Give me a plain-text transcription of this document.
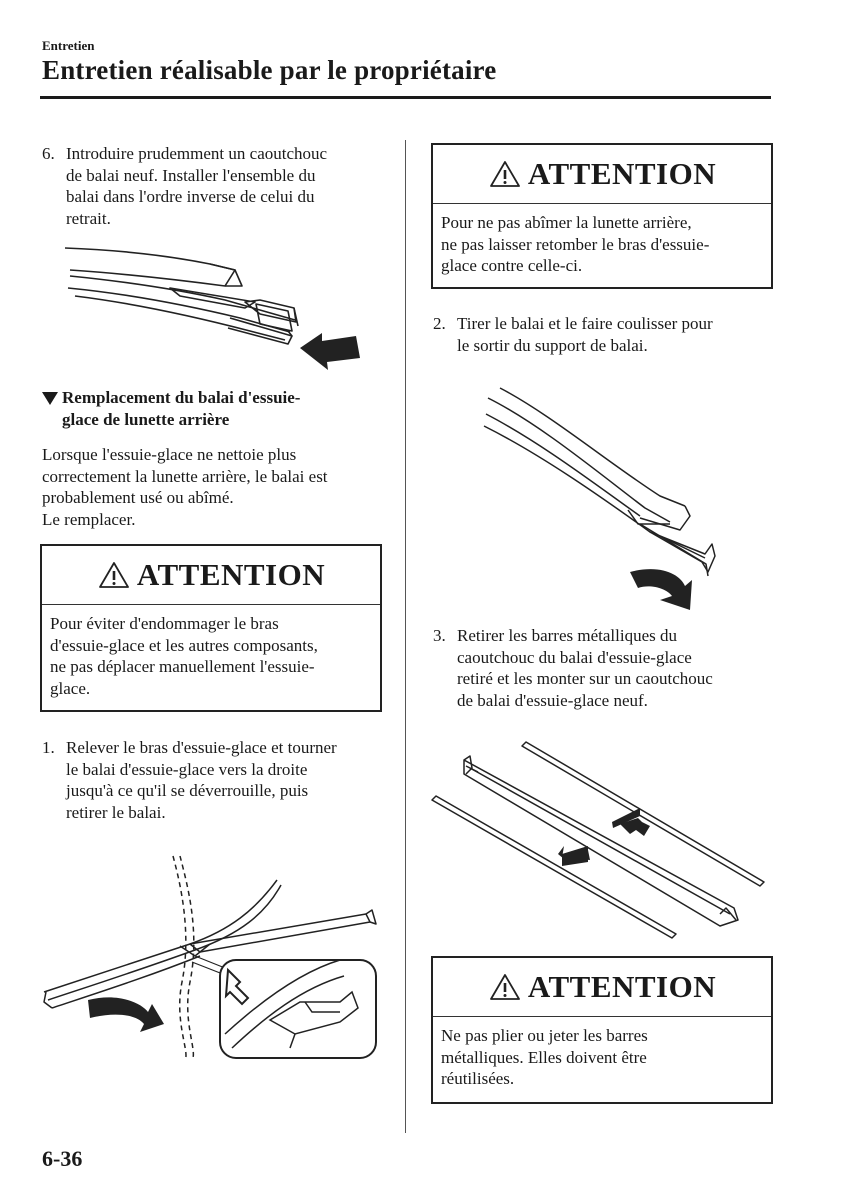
Entretien
Entretien réalisable par le propriétaire
6. Introduire prudemment un caoutchouc
de balai neuf. Installer l'ensemble du
balai dans l'ordre inverse de celui du
retrait.
Remplacement du balai d'essuie-
glace de lunette arrière
Lorsque l'essuie-glace ne nettoie plus
correctement la lunette arrière, le balai est
probablement usé ou abîmé.
Le remplacer.
ATTENTION
Pour éviter d'endommager le bras
d'essuie-glace et les autres composants,
ne pas déplacer manuellement l'essuie-
glace.
1. Relever le bras d'essuie-glace et tourner
le balai d'essuie-glace vers la droite
jusqu'à ce qu'il se déverrouille, puis
retirer le balai.
ATTENTION
Pour ne pas abîmer la lunette arrière,
ne pas laisser retomber le bras d'essuie-
glace contre celle-ci.
2. Tirer le balai et le faire coulisser pour
le sortir du support de balai.
3. Retirer les barres métalliques du
caoutchouc du balai d'essuie-glace
retiré et les monter sur un caoutchouc
de balai d'essuie-glace neuf.
ATTENTION
Ne pas plier ou jeter les barres
métalliques. Elles doivent être
réutilisées.
6-36
